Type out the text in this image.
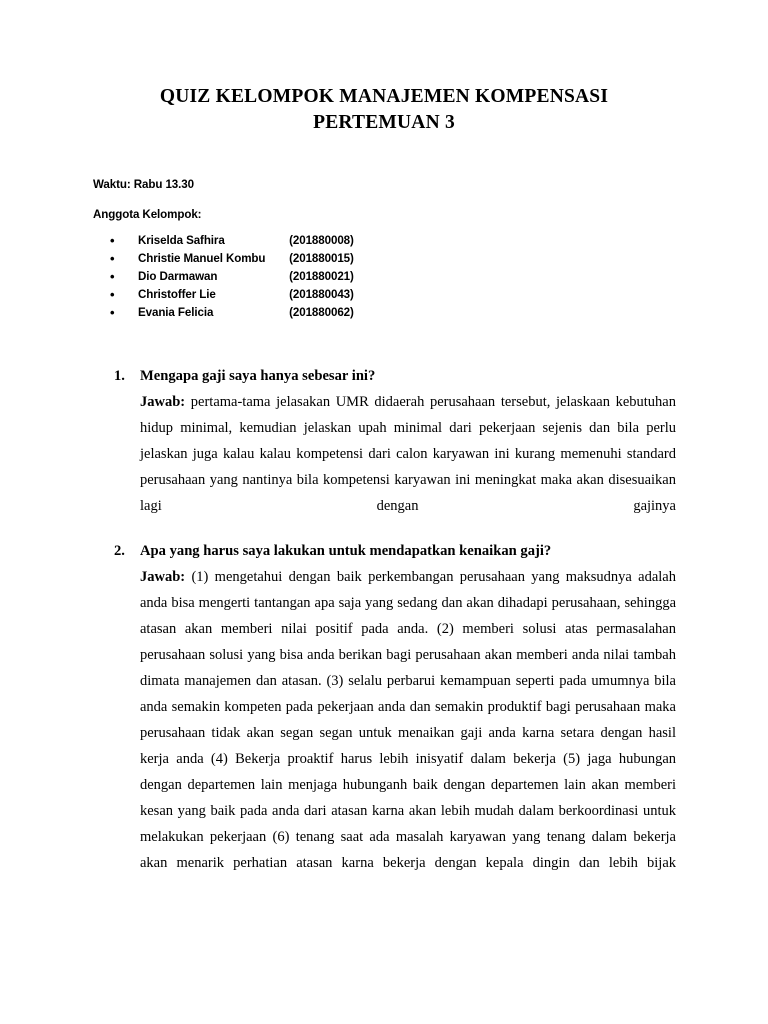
QUIZ KELOMPOK MANAJEMEN KOMPENSASI
PERTEMUAN 3
Waktu: Rabu 13.30
Anggota Kelompok:
•	Kriselda Safhira	(201880008)
•	Christie Manuel Kombu (201880015)
•	Dio Darmawan	(201880021)
•	Christoffer Lie	(201880043)
•	Evania Felicia	(201880062)
1. Mengapa gaji saya hanya sebesar ini?
Jawab: pertama-tama jelasakan UMR didaerah perusahaan tersebut, jelaskaan kebutuhan hidup minimal, kemudian jelaskan upah minimal dari pekerjaan sejenis dan bila perlu jelaskan juga kalau kalau kompetensi dari calon karyawan ini kurang memenuhi standard perusahaan yang nantinya bila kompetensi karyawan ini meningkat maka akan disesuaikan lagi dengan gajinya
2. Apa yang harus saya lakukan untuk mendapatkan kenaikan gaji?
Jawab: (1) mengetahui dengan baik perkembangan perusahaan yang maksudnya adalah anda bisa mengerti tantangan apa saja yang sedang dan akan dihadapi perusahaan, sehingga atasan akan memberi nilai positif pada anda. (2) memberi solusi atas permasalahan perusahaan solusi yang bisa anda berikan bagi perusahaan akan memberi anda nilai tambah dimata manajemen dan atasan. (3) selalu perbarui kemampuan seperti pada umumnya bila anda semakin kompeten pada pekerjaan anda dan semakin produktif bagi perusahaan maka perusahaan tidak akan segan segan untuk menaikan gaji anda karna setara dengan hasil kerja anda (4) Bekerja proaktif harus lebih inisyatif dalam bekerja (5) jaga hubungan dengan departemen lain menjaga hubunganh baik dengan departemen lain akan memberi kesan yang baik pada anda dari atasan karna akan lebih mudah dalam berkoordinasi untuk melakukan pekerjaan (6) tenang saat ada masalah karyawan yang tenang dalam bekerja akan menarik perhatian atasan karna bekerja dengan kepala dingin dan lebih bijak
